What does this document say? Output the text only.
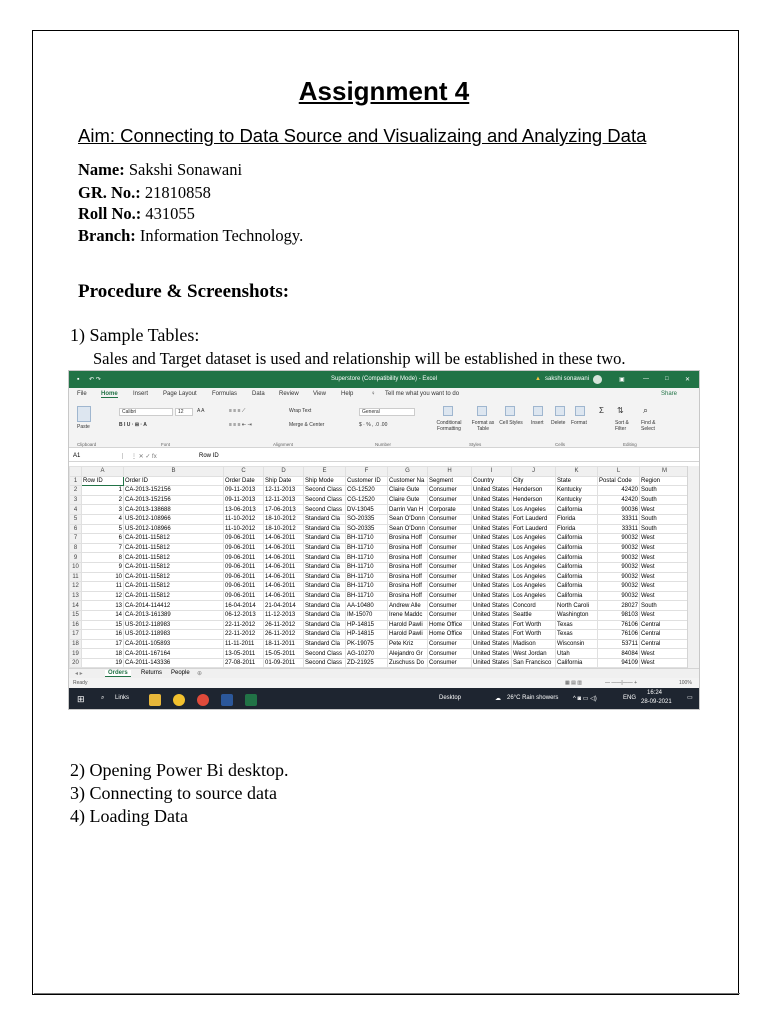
Assignment 4
Aim: Connecting to Data Source and Visualizaing and Analyzing Data
Name: Sakshi Sonawani
GR. No.: 21810858
Roll No.: 431055
Branch: Information Technology.
Procedure & Screenshots:
1) Sample Tables:
Sales and Target dataset is used and relationship will be established in these two.
▪ ↶ ↷	Superstore (Compatibility Mode) - Excel	▲ sakshi sonawani	▣	—	□	✕
File Home	Insert Page Layout	Formulas Data Review View	Help	♀ Tell me what you want to do	Share
Paste
Calibri	12	A A
B I U · ⊞ · A
≡ ≡ ≡ ⟋
≡ ≡ ≡ ⇤ ⇥
Wrap Text
Merge & Center
General
$ · % , .0 .00	Conditional Formatting
Format as Table
Cell Styles Insert Delete Format
Σ ⇅
Sort & Filter
⌕
Find & Select
Clipboard	Font	Alignment	Number	Styles	Cells	Editing
A1	⋮ ✕ ✓ fx	Row ID
	A	B	C	D	E	F	G	H	I	J	K	L	M	
1	Row ID	Order ID	Order Date	Ship Date	Ship Mode	Customer ID	Customer Na	Segment	Country	City	State	Postal Code	Region	
2	1	CA-2013-152156	09-11-2013	12-11-2013	Second Class	CG-12520	Claire Gute	Consumer	United States	Henderson	Kentucky	42420	South	
3	2	CA-2013-152156	09-11-2013	12-11-2013	Second Class	CG-12520	Claire Gute	Consumer	United States	Henderson	Kentucky	42420	South	
4	3	CA-2013-138688	13-06-2013	17-06-2013	Second Class	DV-13045	Darrin Van H	Corporate	United States	Los Angeles	California	90036	West	
5	4	US-2012-108966	11-10-2012	18-10-2012	Standard Cla	SO-20335	Sean O'Donn	Consumer	United States	Fort Lauderd	Florida	33311	South	
6	5	US-2012-108966	11-10-2012	18-10-2012	Standard Cla	SO-20335	Sean O'Donn	Consumer	United States	Fort Lauderd	Florida	33311	South	
7	6	CA-2011-115812	09-06-2011	14-06-2011	Standard Cla	BH-11710	Brosina Hoff	Consumer	United States	Los Angeles	California	90032	West	
8	7	CA-2011-115812	09-06-2011	14-06-2011	Standard Cla	BH-11710	Brosina Hoff	Consumer	United States	Los Angeles	California	90032	West	
9	8	CA-2011-115812	09-06-2011	14-06-2011	Standard Cla	BH-11710	Brosina Hoff	Consumer	United States	Los Angeles	California	90032	West	
10	9	CA-2011-115812	09-06-2011	14-06-2011	Standard Cla	BH-11710	Brosina Hoff	Consumer	United States	Los Angeles	California	90032	West	
11	10	CA-2011-115812	09-06-2011	14-06-2011	Standard Cla	BH-11710	Brosina Hoff	Consumer	United States	Los Angeles	California	90032	West	
12	11	CA-2011-115812	09-06-2011	14-06-2011	Standard Cla	BH-11710	Brosina Hoff	Consumer	United States	Los Angeles	California	90032	West	
13	12	CA-2011-115812	09-06-2011	14-06-2011	Standard Cla	BH-11710	Brosina Hoff	Consumer	United States	Los Angeles	California	90032	West	
14	13	CA-2014-114412	16-04-2014	21-04-2014	Standard Cla	AA-10480	Andrew Alle	Consumer	United States	Concord	North Caroli	28027	South	
15	14	CA-2013-161389	06-12-2013	11-12-2013	Standard Cla	IM-15070	Irene Maddc	Consumer	United States	Seattle	Washington	98103	West	
16	15	US-2012-118983	22-11-2012	26-11-2012	Standard Cla	HP-14815	Harold Pawli	Home Office	United States	Fort Worth	Texas	76106	Central	
17	16	US-2012-118983	22-11-2012	26-11-2012	Standard Cla	HP-14815	Harold Pawli	Home Office	United States	Fort Worth	Texas	76106	Central	
18	17	CA-2011-105893	11-11-2011	18-11-2011	Standard Cla	PK-19075	Pete Kriz	Consumer	United States	Madison	Wisconsin	53711	Central	
19	18	CA-2011-167164	13-05-2011	15-05-2011	Second Class	AG-10270	Alejandro Gr	Consumer	United States	West Jordan	Utah	84084	West	
20	19	CA-2011-143336	27-08-2011	01-09-2011	Second Class	ZD-21925	Zuschuss Do	Consumer	United States	San Francisco	California	94109	West	
◂ ▸	Orders	Returns People ⊕
Ready	▦ ▤ ▥	— ——|—— +	100%
⊞	⌕ Links	Desktop	☁ 26°C Rain showers ^ ◙ ▭ ◁)	ENG
16:24
28-09-2021
▭
2) Opening Power Bi desktop.
3) Connecting to source data
4) Loading Data
